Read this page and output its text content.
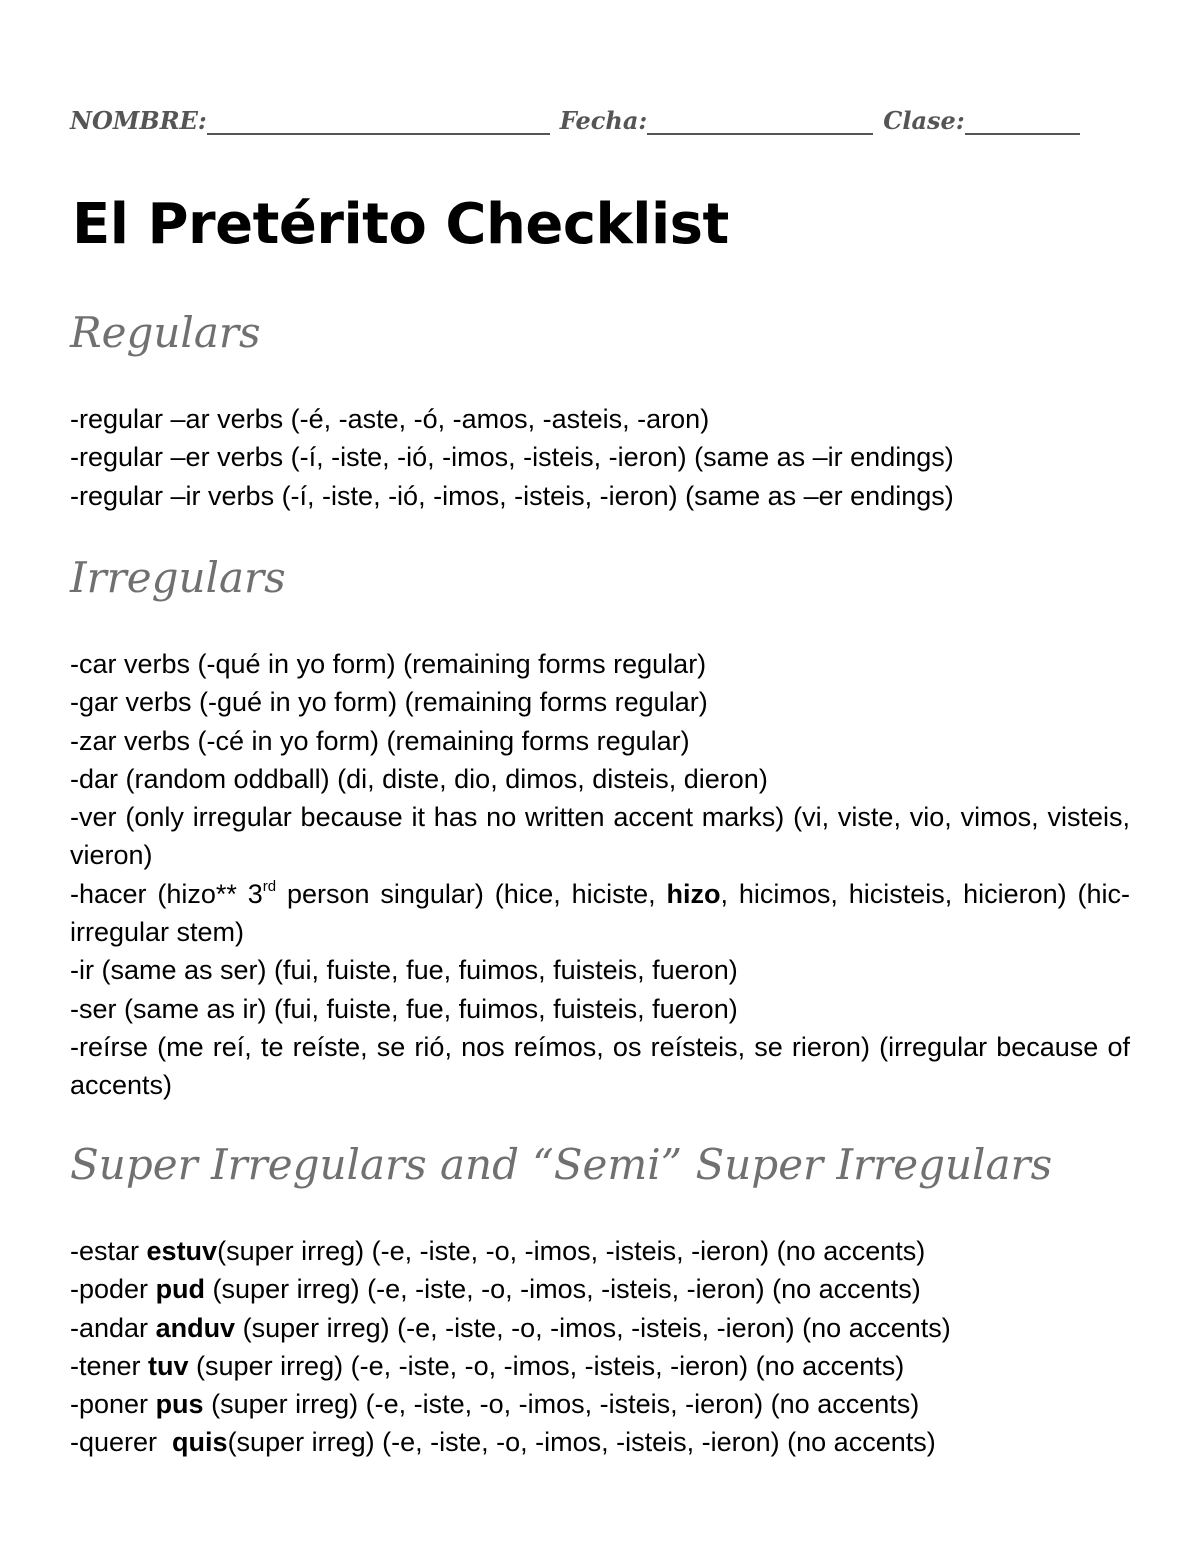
NOMBRE:	Fecha:	Clase:
El Pretérito Checklist
Regulars

-regular –ar verbs (-é, -aste, -ó, -amos, -asteis, -aron)

-regular –er verbs (-í, -iste, -ió, -imos, -isteis, -ieron) (same as –ir endings)

-regular –ir verbs (-í, -iste, -ió, -imos, -isteis, -ieron) (same as –er endings)

Irregulars

-car verbs (-qué in yo form) (remaining forms regular)

-gar verbs (-gué in yo form) (remaining forms regular)

-zar verbs (-cé in yo form) (remaining forms regular)

-dar (random oddball) (di, diste, dio, dimos, disteis, dieron)

-ver (only irregular because it has no written accent marks) (vi, viste, vio, vimos, visteis, vieron)

-hacer (hizo** 3rd person singular) (hice, hiciste, hizo, hicimos, hicisteis, hicieron) (hic- irregular stem)

-ir (same as ser) (fui, fuiste, fue, fuimos, fuisteis, fueron)

-ser (same as ir) (fui, fuiste, fue, fuimos, fuisteis, fueron)

-reírse (me reí, te reíste, se rió, nos reímos, os reísteis, se rieron) (irregular because of accents)

Super Irregulars and “Semi” Super Irregulars

-estar estuv(super irreg) (-e, -iste, -o, -imos, -isteis, -ieron) (no accents)

-poder pud (super irreg) (-e, -iste, -o, -imos, -isteis, -ieron) (no accents)

-andar anduv (super irreg) (-e, -iste, -o, -imos, -isteis, -ieron) (no accents)

-tener tuv (super irreg) (-e, -iste, -o, -imos, -isteis, -ieron) (no accents)

-poner pus (super irreg) (-e, -iste, -o, -imos, -isteis, -ieron) (no accents)

-querer  quis(super irreg) (-e, -iste, -o, -imos, -isteis, -ieron) (no accents)
